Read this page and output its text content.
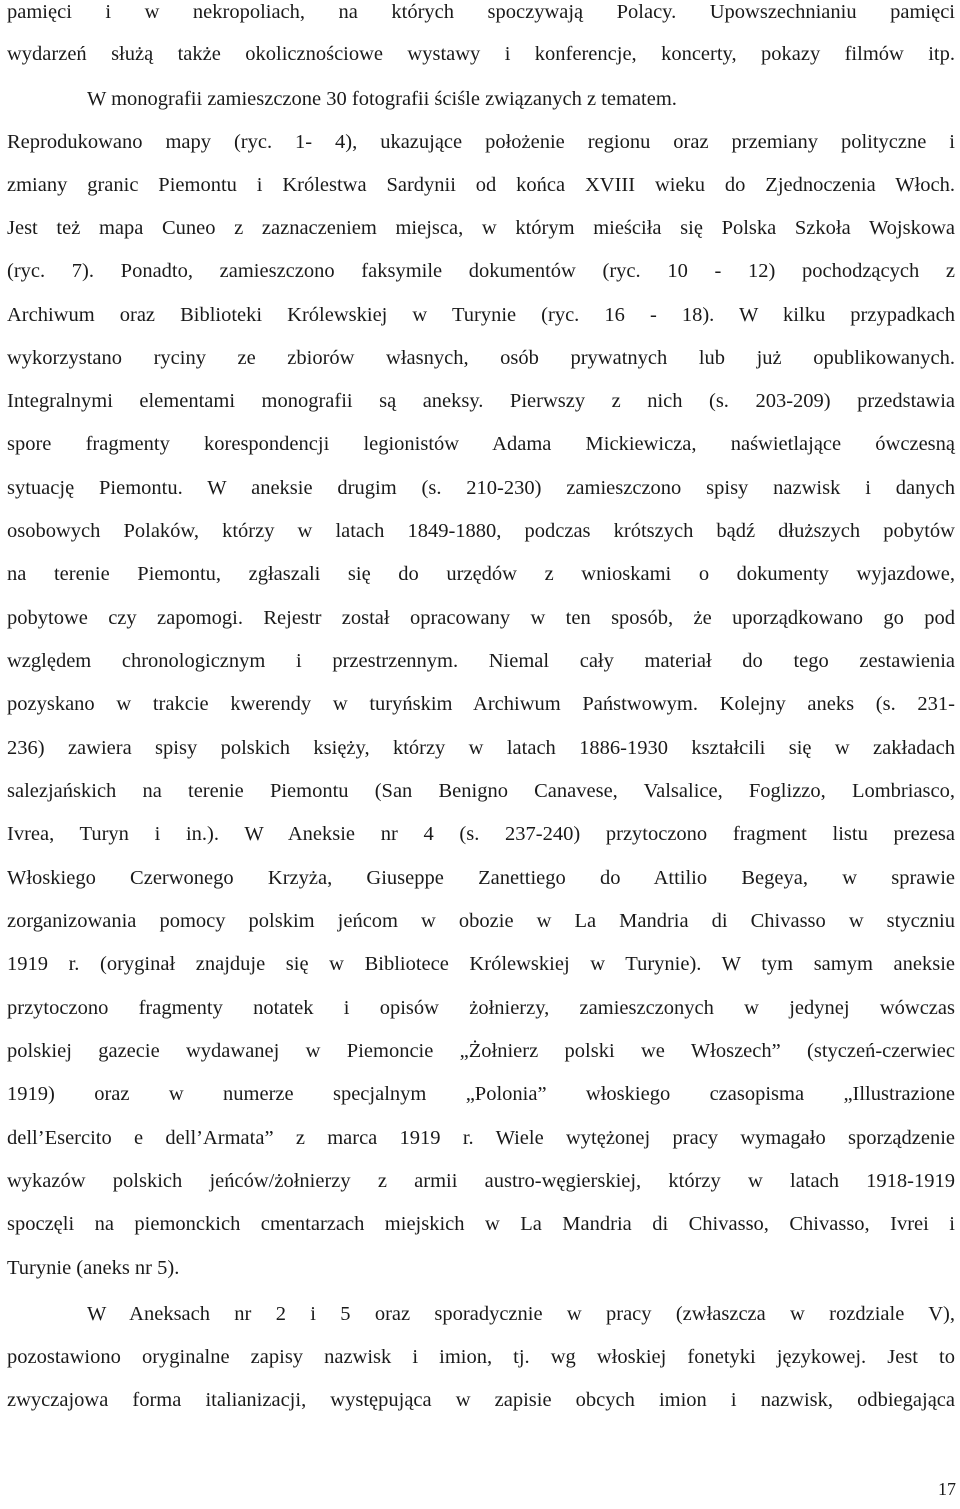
pamięci i w nekropoliach, na których spoczywają Polacy. Upowszechnianiu pamięci
wydarzeń służą także okolicznościowe wystawy i konferencje, koncerty, pokazy filmów itp.
W monografii zamieszczone 30 fotografii ściśle związanych z tematem.
Reprodukowano mapy (ryc. 1- 4), ukazujące położenie regionu oraz przemiany polityczne i
zmiany granic Piemontu i Królestwa Sardynii od końca XVIII wieku do Zjednoczenia Włoch.
Jest też mapa Cuneo z zaznaczeniem miejsca, w którym mieściła się Polska Szkoła Wojskowa
(ryc. 7). Ponadto, zamieszczono faksymile dokumentów (ryc. 10 - 12) pochodzących z
Archiwum oraz Biblioteki Królewskiej w Turynie (ryc. 16 - 18). W kilku przypadkach
wykorzystano ryciny ze zbiorów własnych, osób prywatnych lub już opublikowanych.
Integralnymi elementami monografii są aneksy. Pierwszy z nich (s. 203-209) przedstawia
spore fragmenty korespondencji legionistów Adama Mickiewicza, naświetlające ówczesną
sytuację Piemontu. W aneksie drugim (s. 210-230) zamieszczono spisy nazwisk i danych
osobowych Polaków, którzy w latach 1849-1880, podczas krótszych bądź dłuższych pobytów
na terenie Piemontu, zgłaszali się do urzędów z wnioskami o dokumenty wyjazdowe,
pobytowe czy zapomogi. Rejestr został opracowany w ten sposób, że uporządkowano go pod
względem chronologicznym i przestrzennym. Niemal cały materiał do tego zestawienia
pozyskano w trakcie kwerendy w turyńskim Archiwum Państwowym. Kolejny aneks (s. 231-
236) zawiera spisy polskich księży, którzy w latach 1886-1930 kształcili się w zakładach
salezjańskich na terenie Piemontu (San Benigno Canavese, Valsalice, Foglizzo, Lombriasco,
Ivrea, Turyn i in.). W Aneksie nr 4 (s. 237-240) przytoczono fragment listu prezesa
Włoskiego Czerwonego Krzyża, Giuseppe Zanettiego do Attilio Begeya, w sprawie
zorganizowania pomocy polskim jeńcom w obozie w La Mandria di Chivasso w styczniu
1919 r. (oryginał znajduje się w Bibliotece Królewskiej w Turynie). W tym samym aneksie
przytoczono fragmenty notatek i opisów żołnierzy, zamieszczonych w jedynej wówczas
polskiej gazecie wydawanej w Piemoncie „Żołnierz polski we Włoszech” (styczeń-czerwiec
1919) oraz w numerze specjalnym „Polonia” włoskiego czasopisma „Illustrazione
dell’Esercito e dell’Armata” z marca 1919 r. Wiele wytężonej pracy wymagało sporządzenie
wykazów polskich jeńców/żołnierzy z armii austro-węgierskiej, którzy w latach 1918-1919
spoczęli na piemonckich cmentarzach miejskich w La Mandria di Chivasso, Chivasso, Ivrei i
Turynie (aneks nr 5).
W Aneksach nr 2 i 5 oraz sporadycznie w pracy (zwłaszcza w rozdziale V),
pozostawiono oryginalne zapisy nazwisk i imion, tj. wg włoskiej fonetyki językowej. Jest to
zwyczajowa forma italianizacji, występująca w zapisie obcych imion i nazwisk, odbiegająca
17
